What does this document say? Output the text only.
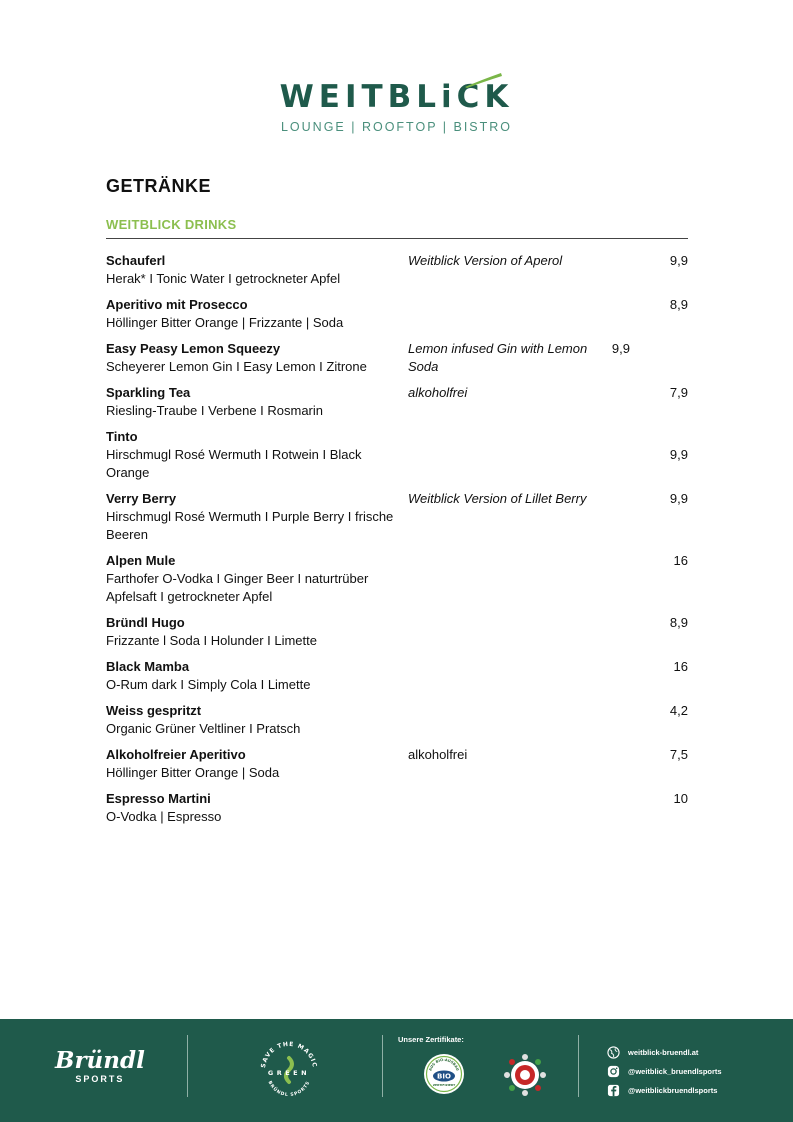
WEITBLiCK
LOUNGE | ROOFTOP | BISTRO
GETRÄNKE
WEITBLICK DRINKS
Schauferl
Herak* I Tonic Water I getrockneter Apfel
Weitblick Version of Aperol	9,9
Aperitivo mit Prosecco
Höllinger Bitter Orange | Frizzante | Soda
8,9
Easy Peasy Lemon Squeezy
Scheyerer Lemon Gin I Easy Lemon I Zitrone
Lemon infused Gin with Lemon Soda
9,9
Sparkling Tea
Riesling-Traube I Verbene I Rosmarin
alkoholfrei	7,9
Tinto
Hirschmugl Rosé Wermuth I Rotwein I Black Orange
9,9
Verry Berry
Hirschmugl Rosé Wermuth I Purple Berry I frische Beeren
Weitblick Version of Lillet Berry	9,9
Alpen Mule
Farthofer O-Vodka I Ginger Beer I naturtrüber Apfelsaft I getrockneter Apfel
16
Bründl Hugo
Frizzante l Soda I Holunder I Limette
8,9
Black Mamba
O-Rum dark I Simply Cola I Limette
16
Weiss gespritzt
Organic Grüner Veltliner I Pratsch
4,2
Alkoholfreier Aperitivo
Höllinger Bitter Orange | Soda
alkoholfrei	7,5
Espresso Martini
O-Vodka | Espresso
10
Bründl
SPORTS
SAVE THE MAGIC
BRÜNDL SPORTS
GREEN
Unsere Zertifikate:
AUS BIO-AUSBAU
BIO
ZERTIFIZIERT
weitblick-bruendl.at
@weitblick_bruendlsports
@weitblickbruendlsports
